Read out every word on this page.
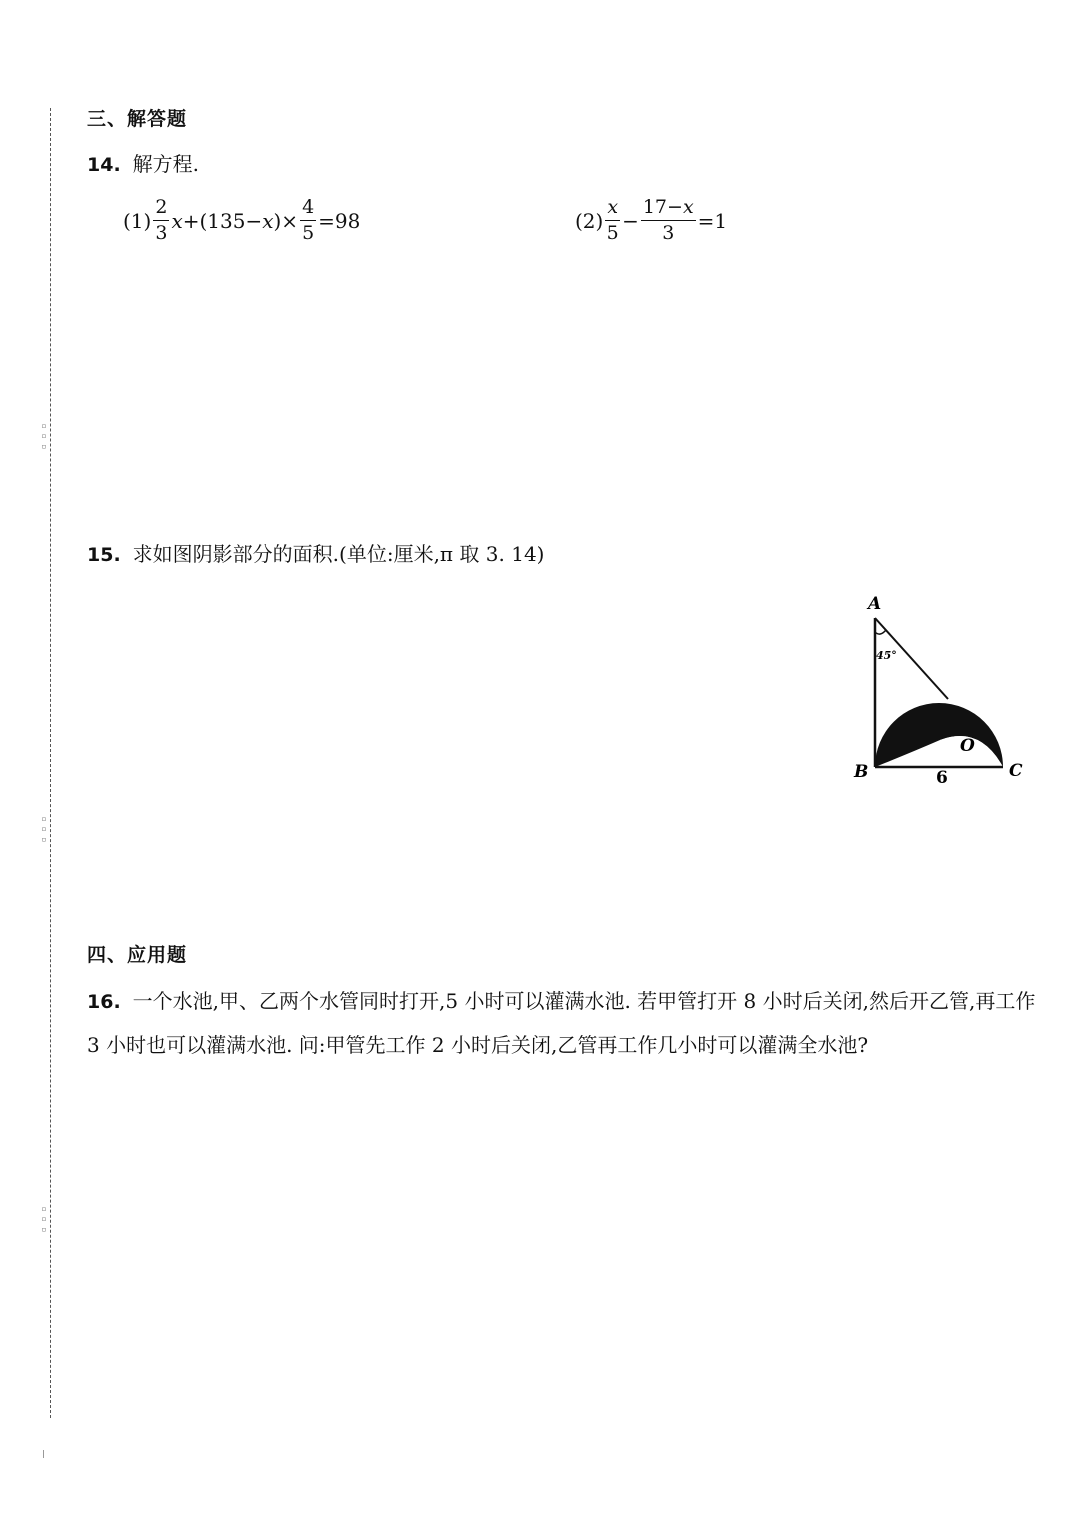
▫ ▫ ▫
▫ ▫ ▫
▫ ▫ ▫
三、解答题
14. 解方程.
$(1) \frac{2}{3}$ x +(135− x )× $\frac{4}{5} =98$	$(2) \frac{x}{5} - \frac{17-x}{3} =1$
15. 求如图阴影部分的面积.(单位:厘米,π 取 3. 14)
45°
A
B	C
O
6
四、应用题
16. 一个水池,甲、乙两个水管同时打开,5 小时可以灌满水池. 若甲管打开 8 小时后关闭,然后开乙管,再工作 3 小时也可以灌满水池. 问:甲管先工作 2 小时后关闭,乙管再工作几小时可以灌满全水池?
